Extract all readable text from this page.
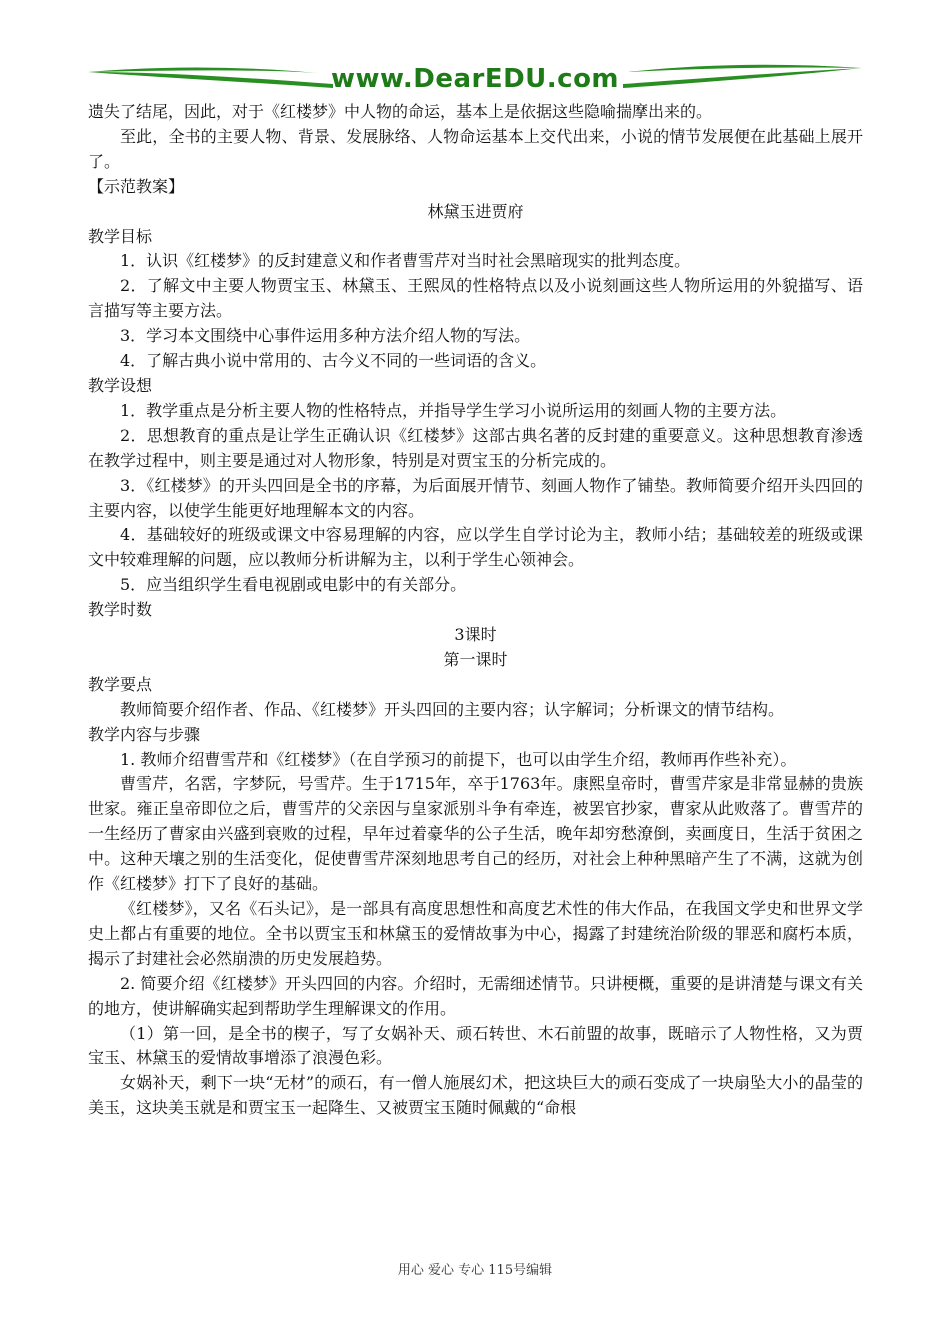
www.DearEDU.com

遗失了结尾，因此，对于《红楼梦》中人物的命运，基本上是依据这些隐喻揣摩出来的。

至此，全书的主要人物、背景、发展脉络、人物命运基本上交代出来，小说的情节发展便在此基础上展开了。

【示范教案】

林黛玉进贾府

教学目标

1．认识《红楼梦》的反封建意义和作者曹雪芹对当时社会黑暗现实的批判态度。

2．了解文中主要人物贾宝玉、林黛玉、王熙凤的性格特点以及小说刻画这些人物所运用的外貌描写、语言描写等主要方法。

3．学习本文围绕中心事件运用多种方法介绍人物的写法。

4．了解古典小说中常用的、古今义不同的一些词语的含义。

教学设想

1．教学重点是分析主要人物的性格特点，并指导学生学习小说所运用的刻画人物的主要方法。

2．思想教育的重点是让学生正确认识《红楼梦》这部古典名著的反封建的重要意义。这种思想教育渗透在教学过程中，则主要是通过对人物形象，特别是对贾宝玉的分析完成的。

3．《红楼梦》的开头四回是全书的序幕，为后面展开情节、刻画人物作了铺垫。教师简要介绍开头四回的主要内容，以使学生能更好地理解本文的内容。

4．基础较好的班级或课文中容易理解的内容，应以学生自学讨论为主，教师小结；基础较差的班级或课文中较难理解的问题，应以教师分析讲解为主，以利于学生心领神会。

5．应当组织学生看电视剧或电影中的有关部分。

教学时数

3课时

第一课时

教学要点

教师简要介绍作者、作品、《红楼梦》开头四回的主要内容；认字解词；分析课文的情节结构。

教学内容与步骤

1. 教师介绍曹雪芹和《红楼梦》（在自学预习的前提下，也可以由学生介绍，教师再作些补充）。

曹雪芹，名霑，字梦阮，号雪芹。生于1715年，卒于1763年。康熙皇帝时，曹雪芹家是非常显赫的贵族世家。雍正皇帝即位之后，曹雪芹的父亲因与皇家派别斗争有牵连，被罢官抄家，曹家从此败落了。曹雪芹的一生经历了曹家由兴盛到衰败的过程，早年过着豪华的公子生活，晚年却穷愁潦倒，卖画度日，生活于贫困之中。这种天壤之别的生活变化，促使曹雪芹深刻地思考自己的经历，对社会上种种黑暗产生了不满，这就为创作《红楼梦》打下了良好的基础。

《红楼梦》，又名《石头记》，是一部具有高度思想性和高度艺术性的伟大作品，在我国文学史和世界文学史上都占有重要的地位。全书以贾宝玉和林黛玉的爱情故事为中心，揭露了封建统治阶级的罪恶和腐朽本质，揭示了封建社会必然崩溃的历史发展趋势。

2. 简要介绍《红楼梦》开头四回的内容。介绍时，无需细述情节。只讲梗概，重要的是讲清楚与课文有关的地方，使讲解确实起到帮助学生理解课文的作用。

（1）第一回，是全书的楔子，写了女娲补天、顽石转世、木石前盟的故事，既暗示了人物性格，又为贾宝玉、林黛玉的爱情故事增添了浪漫色彩。

女娲补天，剩下一块“无材”的顽石，有一僧人施展幻术，把这块巨大的顽石变成了一块扇坠大小的晶莹的美玉，这块美玉就是和贾宝玉一起降生、又被贾宝玉随时佩戴的“命根

用心 爱心 专心 115号编辑
